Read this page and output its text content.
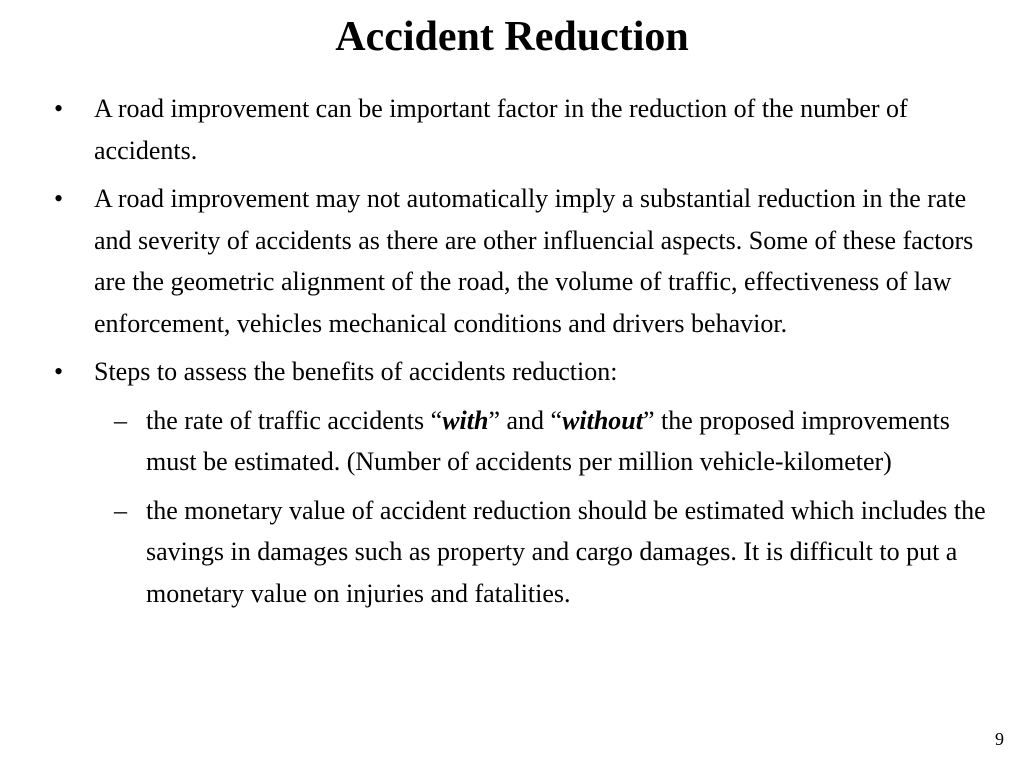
Accident Reduction
• A road improvement can be important factor in the reduction of the number of accidents.
• A road improvement may not automatically imply a substantial reduction in the rate and severity of accidents as there are other influencial aspects. Some of these factors are the geometric alignment of the road, the volume of traffic, effectiveness of law enforcement, vehicles mechanical conditions and drivers behavior.
• Steps to assess the benefits of accidents reduction:
– the rate of traffic accidents “with” and “without” the proposed improvements must be estimated. (Number of accidents per million vehicle-kilometer)
– the monetary value of accident reduction should be estimated which includes the savings in damages such as property and cargo damages. It is difficult to put a monetary value on injuries and fatalities.
9
